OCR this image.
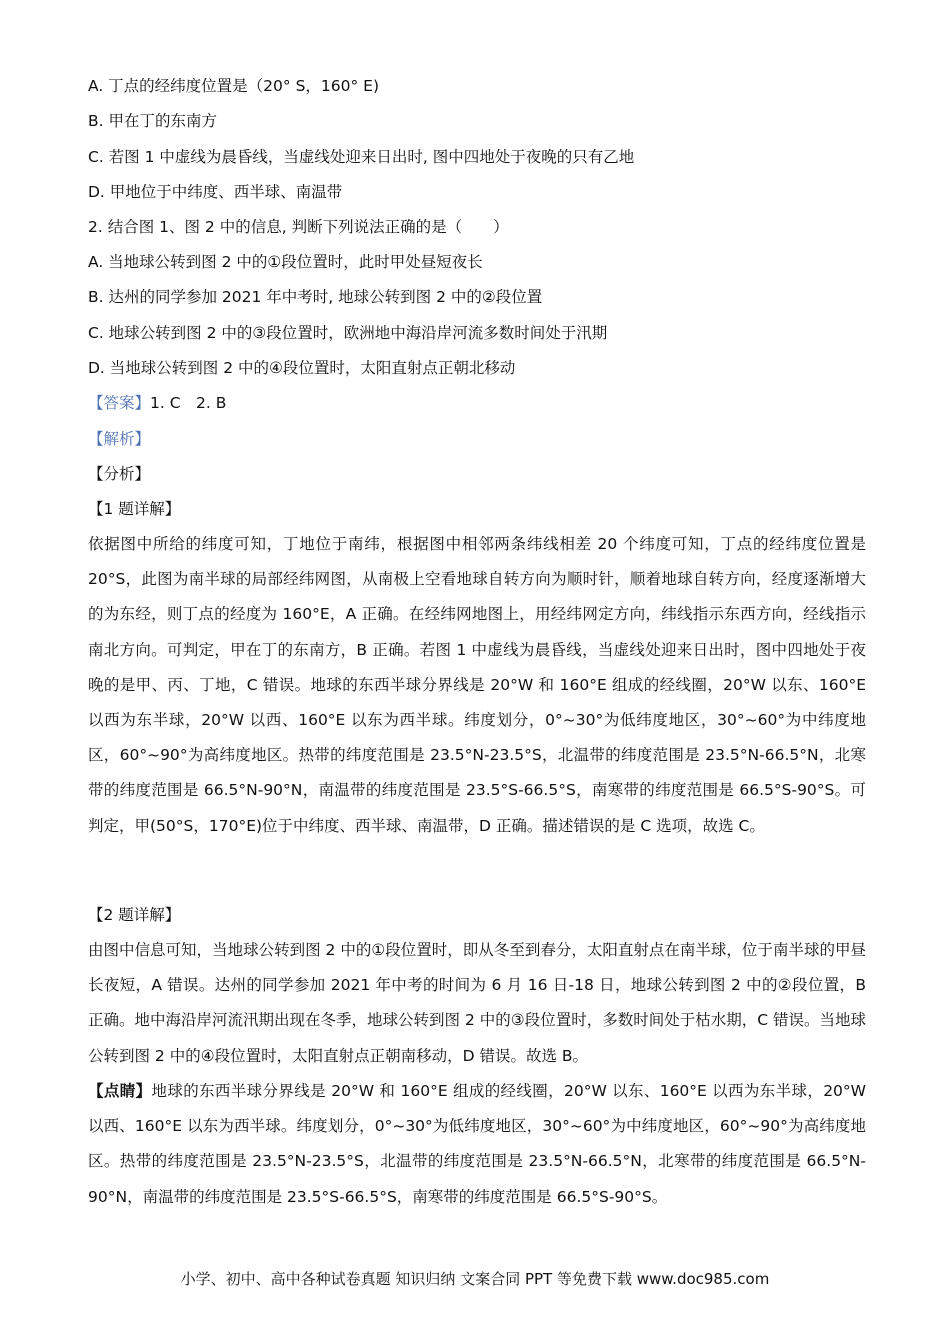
A. 丁点的经纬度位置是（20° S，160° E)
B. 甲在丁的东南方
C. 若图 1 中虚线为晨昏线，当虚线处迎来日出时, 图中四地处于夜晚的只有乙地
D. 甲地位于中纬度、西半球、南温带
2. 结合图 1、图 2 中的信息, 判断下列说法正确的是（　　）
A. 当地球公转到图 2 中的①段位置时，此时甲处昼短夜长
B. 达州的同学参加 2021 年中考时, 地球公转到图 2 中的②段位置
C. 地球公转到图 2 中的③段位置时，欧洲地中海沿岸河流多数时间处于汛期
D. 当地球公转到图 2 中的④段位置时，太阳直射点正朝北移动
【答案】1. C　2. B
【解析】
【分析】
【1 题详解】
依据图中所给的纬度可知，丁地位于南纬，根据图中相邻两条纬线相差 20 个纬度可知，丁点的经纬度位置是 20°S，此图为南半球的局部经纬网图，从南极上空看地球自转方向为顺时针，顺着地球自转方向，经度逐渐增大的为东经，则丁点的经度为 160°E，A 正确。在经纬网地图上，用经纬网定方向，纬线指示东西方向，经线指示南北方向。可判定，甲在丁的东南方，B 正确。若图 1 中虚线为晨昏线，当虚线处迎来日出时，图中四地处于夜晚的是甲、丙、丁地，C 错误。地球的东西半球分界线是 20°W 和 160°E 组成的经线圈，20°W 以东、160°E 以西为东半球，20°W 以西、160°E 以东为西半球。纬度划分，0°~30°为低纬度地区，30°~60°为中纬度地区，60°~90°为高纬度地区。热带的纬度范围是 23.5°N-23.5°S，北温带的纬度范围是 23.5°N-66.5°N，北寒带的纬度范围是 66.5°N-90°N，南温带的纬度范围是 23.5°S-66.5°S，南寒带的纬度范围是 66.5°S-90°S。可判定，甲(50°S，170°E)位于中纬度、西半球、南温带，D 正确。描述错误的是 C 选项，故选 C。
【2 题详解】
由图中信息可知，当地球公转到图 2 中的①段位置时，即从冬至到春分，太阳直射点在南半球，位于南半球的甲昼长夜短，A 错误。达州的同学参加 2021 年中考的时间为 6 月 16 日-18 日，地球公转到图 2 中的②段位置，B 正确。地中海沿岸河流汛期出现在冬季，地球公转到图 2 中的③段位置时，多数时间处于枯水期，C 错误。当地球公转到图 2 中的④段位置时，太阳直射点正朝南移动，D 错误。故选 B。
【点睛】地球的东西半球分界线是 20°W 和 160°E 组成的经线圈，20°W 以东、160°E 以西为东半球，20°W 以西、160°E 以东为西半球。纬度划分，0°~30°为低纬度地区，30°~60°为中纬度地区，60°~90°为高纬度地区。热带的纬度范围是 23.5°N-23.5°S，北温带的纬度范围是 23.5°N-66.5°N，北寒带的纬度范围是 66.5°N-90°N，南温带的纬度范围是 23.5°S-66.5°S，南寒带的纬度范围是 66.5°S-90°S。
小学、初中、高中各种试卷真题 知识归纳 文案合同 PPT 等免费下载 www.doc985.com
